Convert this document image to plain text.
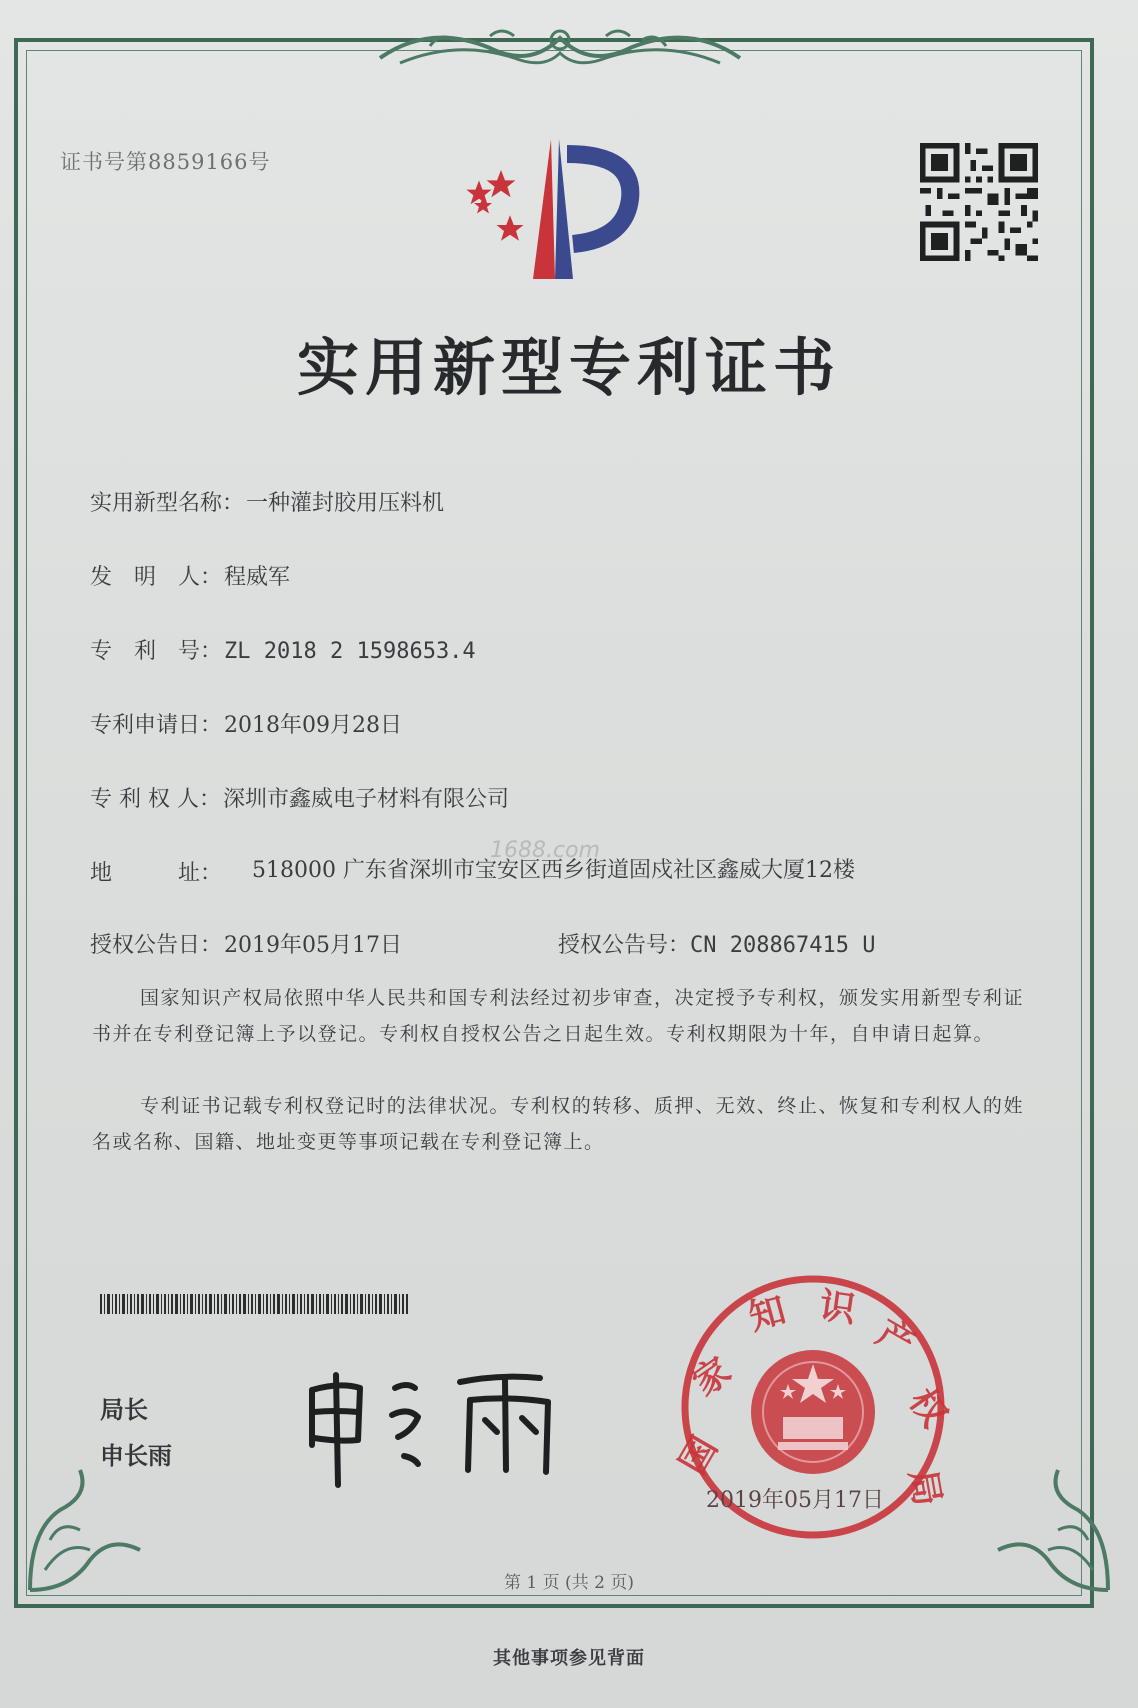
证书号第8859166号
实用新型专利证书
实用新型名称：一种灌封胶用压料机
发　明　人：程威军
专　利　号：ZL 2018 2 1598653.4
专利申请日：2018年09月28日
专 利 权 人：深圳市鑫威电子材料有限公司
1688.com
地　　　址： 518000 广东省深圳市宝安区西乡街道固戍社区鑫威大厦12楼
授权公告日：2019年05月17日	授权公告号：CN 208867415 U
国家知识产权局依照中华人民共和国专利法经过初步审查，决定授予专利权，颁发实用新型专利证书并在专利登记簿上予以登记。专利权自授权公告之日起生效。专利权期限为十年，自申请日起算。
专利证书记载专利权登记时的法律状况。专利权的转移、质押、无效、终止、恢复和专利权人的姓名或名称、国籍、地址变更等事项记载在专利登记簿上。
局长
申长雨	国
家
知 识
产
权
局
2019年05月17日
第 1 页 (共 2 页)
其他事项参见背面
